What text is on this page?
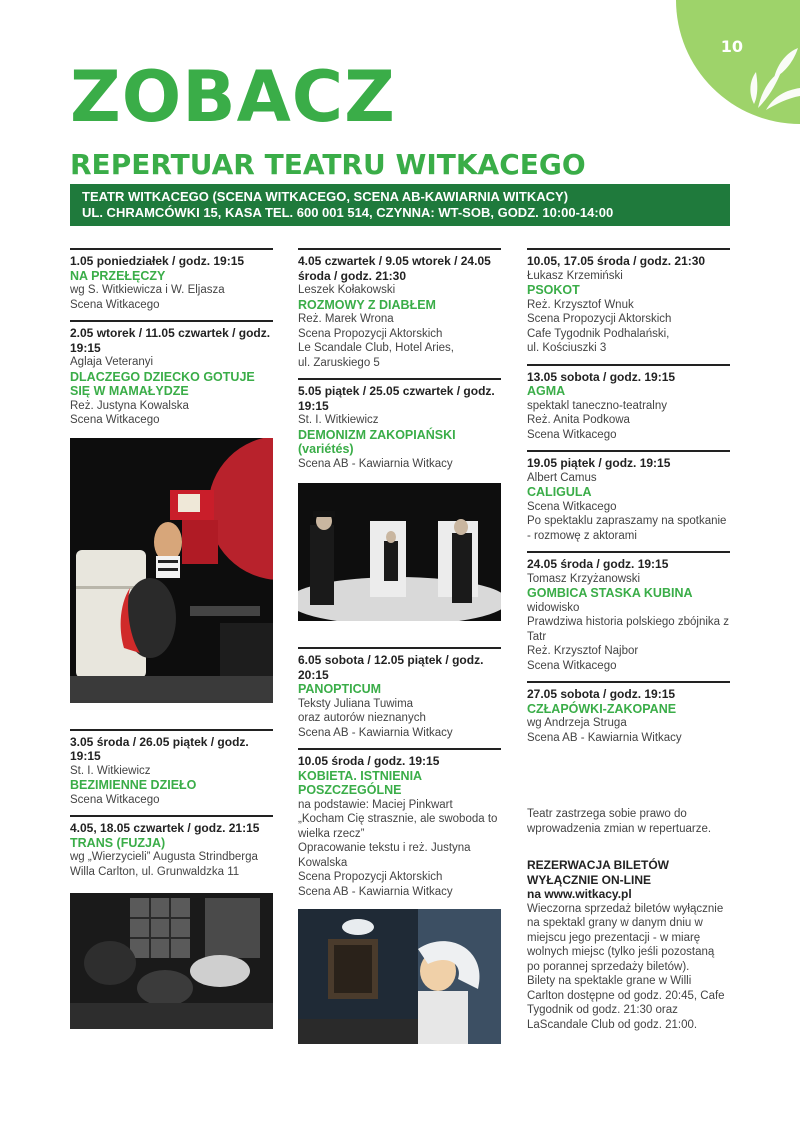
10
ZOBACZ
REPERTUAR TEATRU WITKACEGO
TEATR WITKACEGO (SCENA WITKACEGO, SCENA AB-KAWIARNIA WITKACY)
UL. CHRAMCÓWKI 15, KASA TEL. 600 001 514, CZYNNA: WT-SOB, GODZ. 10:00-14:00
1.05 poniedziałek / godz. 19:15
NA PRZEŁĘCZY
wg S. Witkiewicza i W. Eljasza
Scena Witkacego
2.05 wtorek / 11.05 czwartek / godz. 19:15
Aglaja Veteranyi
DLACZEGO DZIECKO GOTUJE SIĘ W MAMAŁYDZE
Reż. Justyna Kowalska
Scena Witkacego
3.05 środa / 26.05 piątek / godz. 19:15
St. I. Witkiewicz
BEZIMIENNE DZIEŁO
Scena Witkacego
4.05, 18.05 czwartek / godz. 21:15
TRANS (FUZJA)
wg „Wierzycieli” Augusta Strindberga
Willa Carlton, ul. Grunwaldzka 11
4.05 czwartek / 9.05 wtorek / 24.05 środa / godz. 21:30
Leszek Kołakowski
ROZMOWY Z DIABŁEM
Reż. Marek Wrona
Scena Propozycji Aktorskich
Le Scandale Club, Hotel Aries,
ul. Zaruskiego 5
5.05 piątek / 25.05 czwartek / godz. 19:15
St. I. Witkiewicz
DEMONIZM ZAKOPIAŃSKI (variétés)
Scena AB - Kawiarnia Witkacy
6.05 sobota / 12.05 piątek / godz. 20:15
PANOPTICUM
Teksty Juliana Tuwima
oraz autorów nieznanych
Scena AB - Kawiarnia Witkacy
10.05 środa / godz. 19:15
KOBIETA. ISTNIENIA POSZCZEGÓLNE
na podstawie: Maciej Pinkwart
„Kocham Cię strasznie, ale swoboda to wielka rzecz”
Opracowanie tekstu i reż. Justyna Kowalska
Scena Propozycji Aktorskich
Scena AB - Kawiarnia Witkacy
10.05, 17.05 środa / godz. 21:30
Łukasz Krzemiński
PSOKOT
Reż. Krzysztof Wnuk
Scena Propozycji Aktorskich
Cafe Tygodnik Podhalański,
ul. Kościuszki 3
13.05 sobota / godz. 19:15
AGMA
spektakl taneczno-teatralny
Reż. Anita Podkowa
Scena Witkacego
19.05 piątek / godz. 19:15
Albert Camus
CALIGULA
Scena Witkacego
Po spektaklu zapraszamy na spotkanie - rozmowę z aktorami
24.05 środa / godz. 19:15
Tomasz Krzyżanowski
GOMBICA STASKA KUBINA
widowisko
Prawdziwa historia polskiego zbójnika z Tatr
Reż. Krzysztof Najbor
Scena Witkacego
27.05 sobota / godz. 19:15
CZŁAPÓWKI-ZAKOPANE
wg Andrzeja Struga
Scena AB - Kawiarnia Witkacy
Teatr zastrzega sobie prawo do wprowadzenia zmian w repertuarze.
REZERWACJA BILETÓW
WYŁĄCZNIE ON-LINE
na www.witkacy.pl
Wieczorna sprzedaż biletów wyłącznie na spektakl grany w danym dniu w miejscu jego prezentacji - w miarę wolnych miejsc (tylko jeśli pozostaną po porannej sprzedaży biletów).
Bilety na spektakle grane w Willi Carlton dostępne od godz. 20:45, Cafe Tygodnik od godz. 21:30 oraz LaScandale Club od godz. 21:00.
